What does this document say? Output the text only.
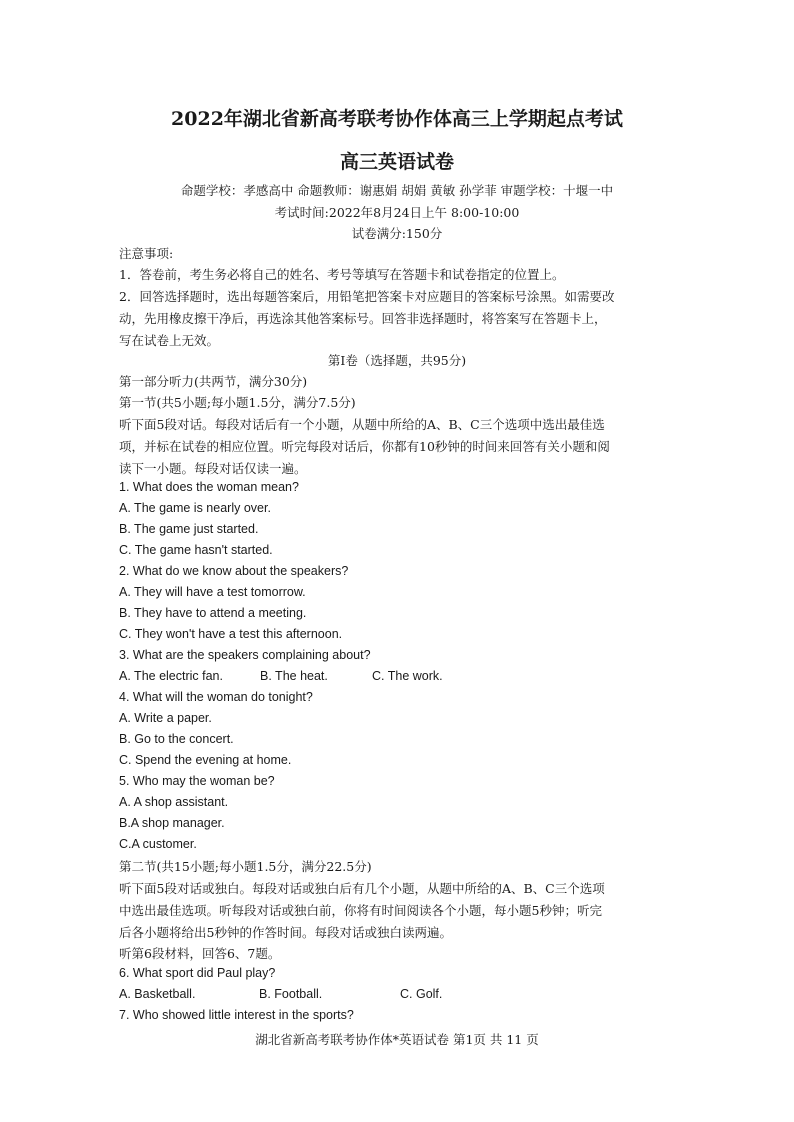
2022年湖北省新高考联考协作体高三上学期起点考试
高三英语试卷
命题学校：孝感高中 命题教师：谢惠娟 胡娟 黄敏 孙学菲 审题学校：十堰一中
考试时间:2022年8月24日上午 8:00-10:00
试卷满分:150分
注意事项:
1．答卷前，考生务必将自己的姓名、考号等填写在答题卡和试卷指定的位置上。
2．回答选择题时，选出每题答案后，用铅笔把答案卡对应题目的答案标号涂黑。如需要改
动，先用橡皮擦干净后，再选涂其他答案标号。回答非选择题时，将答案写在答题卡上，
写在试卷上无效。
第Ⅰ卷（选择题，共95分)
第一部分听力(共两节，满分30分)
第一节(共5小题;每小题1.5分，满分7.5分)
听下面5段对话。每段对话后有一个小题，从题中所给的A、B、C三个选项中选出最佳选
项，并标在试卷的相应位置。听完每段对话后，你都有10秒钟的时间来回答有关小题和阅
读下一小题。每段对话仅读一遍。
1. What does the woman mean?
A. The game is nearly over.
B. The game just started.
C. The game hasn't started.
2. What do we know about the speakers?
A. They will have a test tomorrow.
B. They have to attend a meeting.
C. They won't have a test this afternoon.
3. What are the speakers complaining about?
A. The electric fan.	B. The heat.	C. The work.
4. What will the woman do tonight?
A. Write a paper.
B. Go to the concert.
C. Spend the evening at home.
5. Who may the woman be?
A. A shop assistant.
B.A shop manager.
C.A customer.
第二节(共15小题;每小题1.5分，满分22.5分)
听下面5段对话或独白。每段对话或独白后有几个小题，从题中所给的A、B、C三个选项
中选出最佳选项。听每段对话或独白前，你将有时间阅读各个小题，每小题5秒钟；听完
后各小题将给出5秒钟的作答时间。每段对话或独白读两遍。
听第6段材料，回答6、7题。
6. What sport did Paul play?
A. Basketball.	B. Football.	C. Golf.
7. Who showed little interest in the sports?
湖北省新高考联考协作体*英语试卷 第1页 共 11 页
